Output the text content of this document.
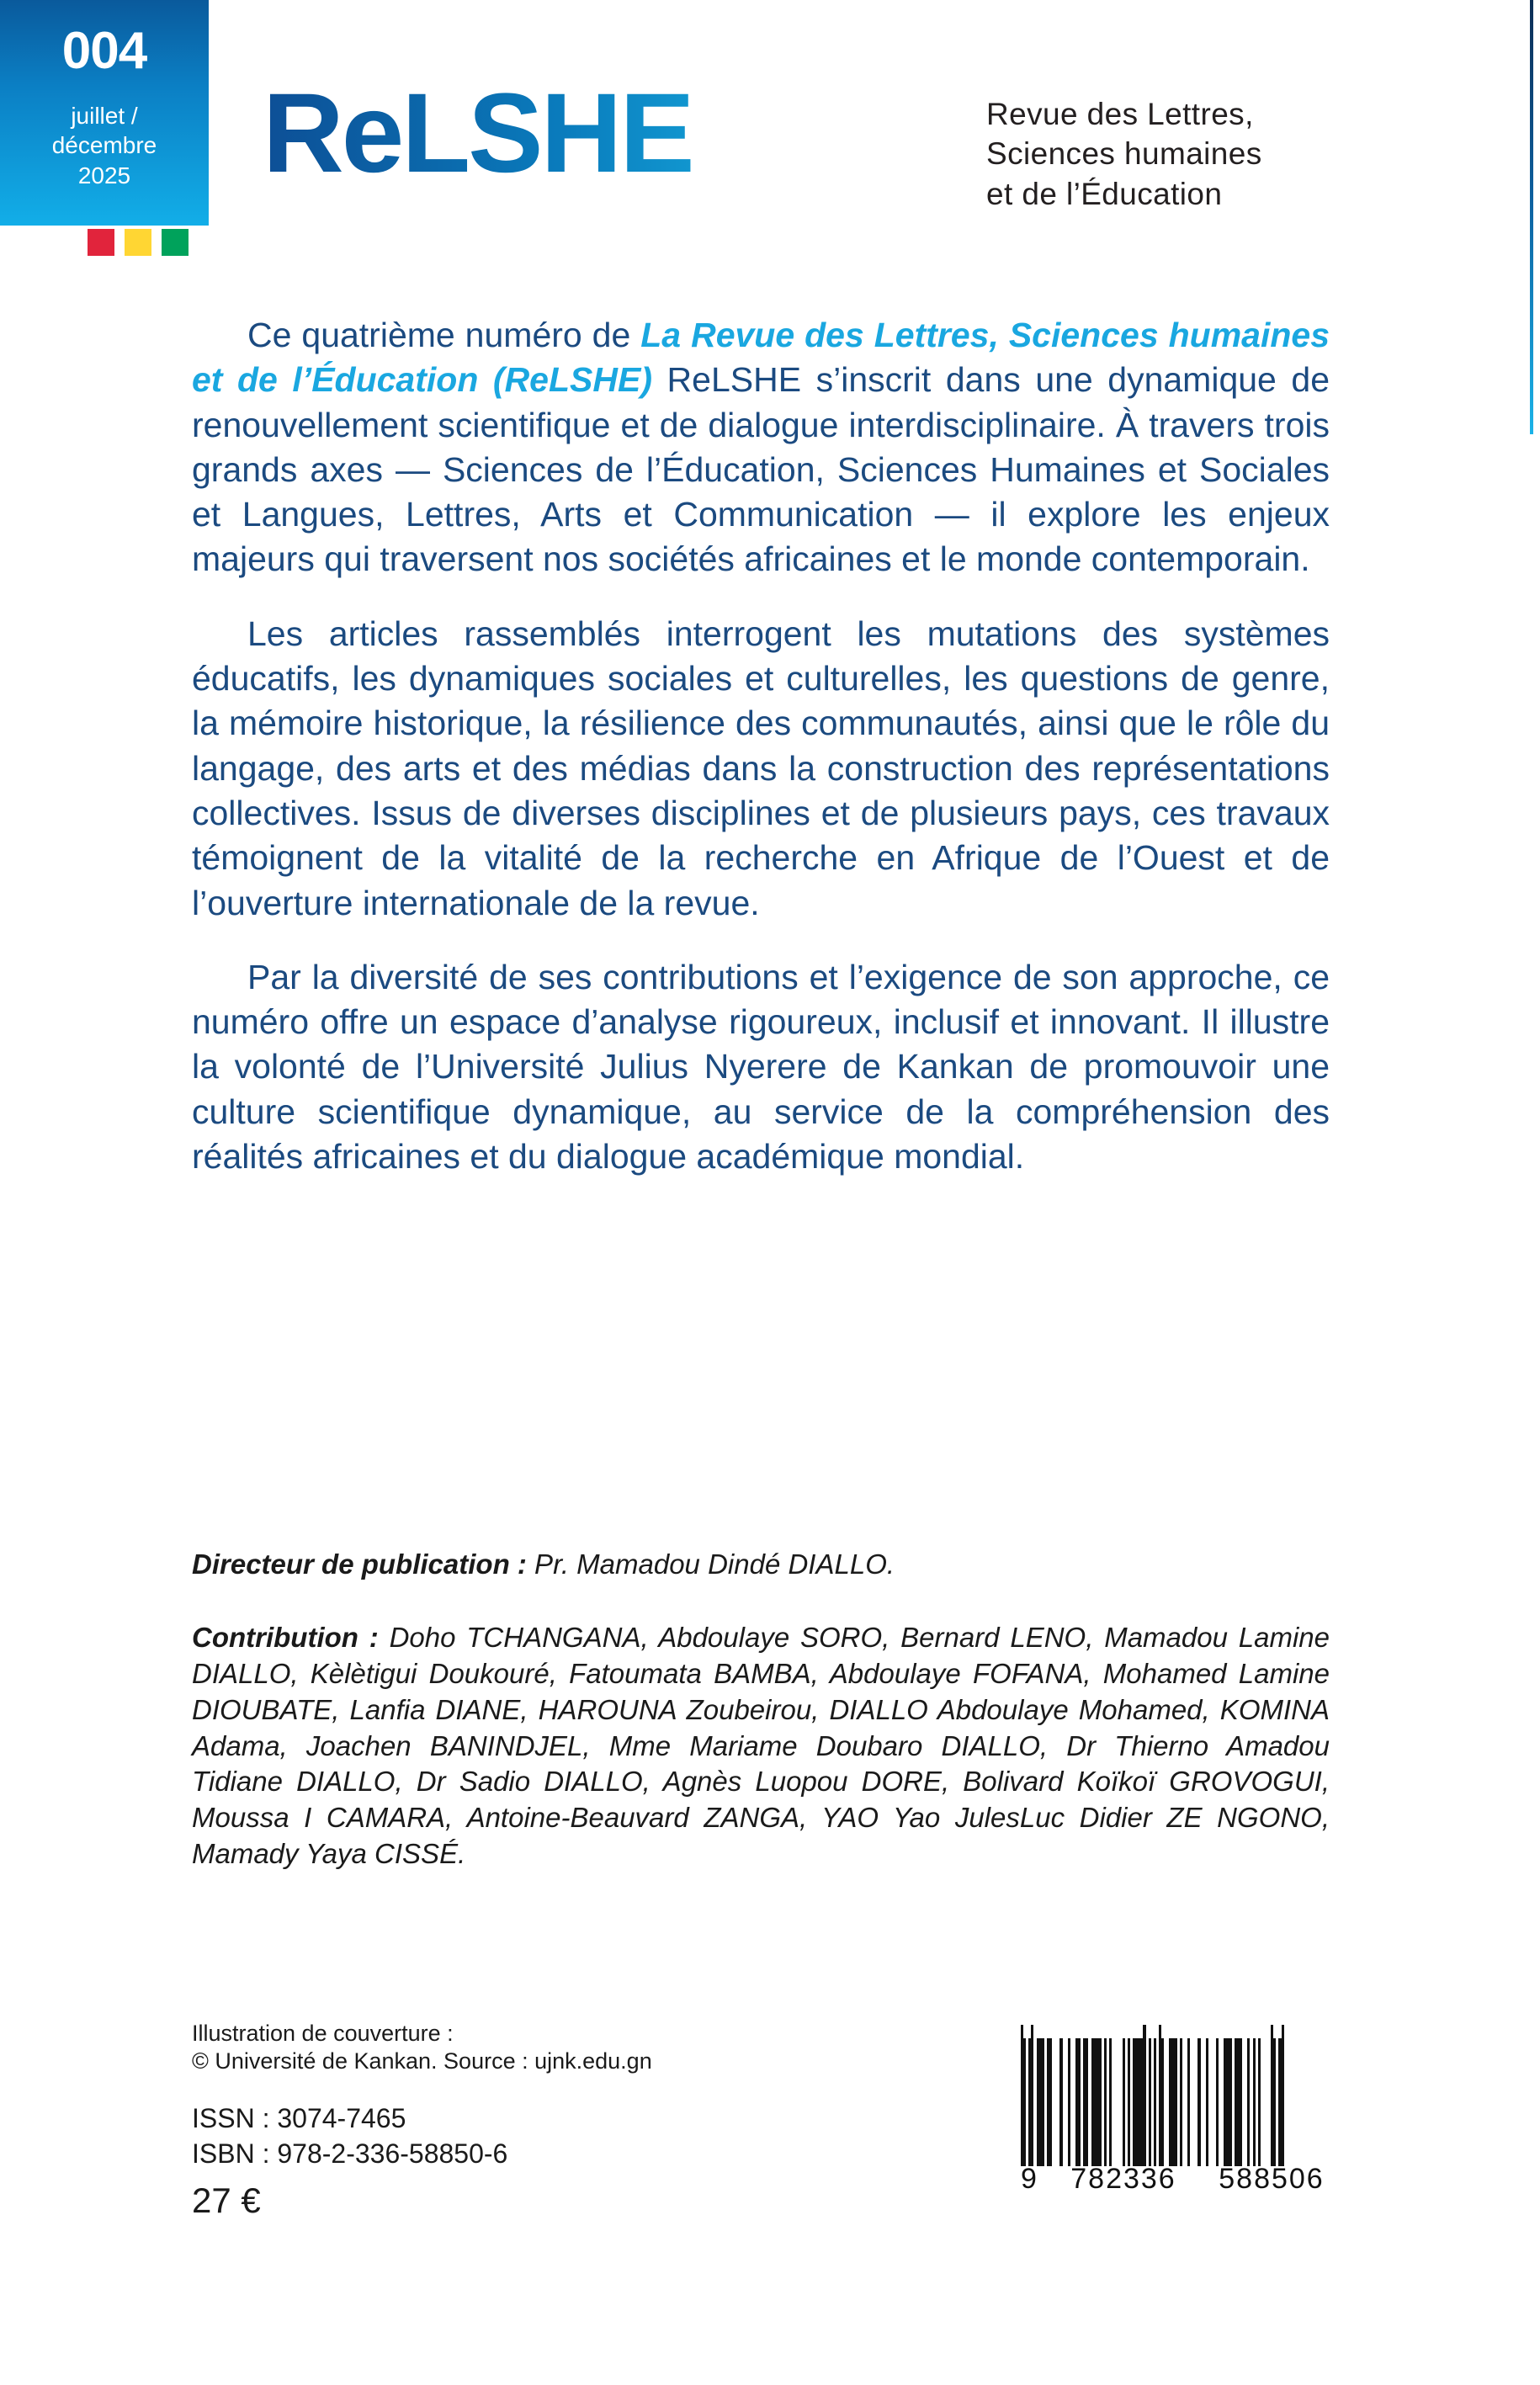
004
juillet /
décembre
2025	ReLSHE	Revue des Lettres,
Sciences humaines
et de l’Éducation

Ce quatrième numéro de La Revue des Lettres, Sciences humaines et de l’Éducation (ReLSHE) ReLSHE s’inscrit dans une dynamique de renouvellement scientifique et de dialogue interdisciplinaire. À travers trois grands axes — Sciences de l’Éducation, Sciences Humaines et Sociales et Langues, Lettres, Arts et Communication — il explore les enjeux majeurs qui traversent nos sociétés africaines et le monde contemporain.

Les articles rassemblés interrogent les mutations des systèmes éducatifs, les dynamiques sociales et culturelles, les questions de genre, la mémoire historique, la résilience des communautés, ainsi que le rôle du langage, des arts et des médias dans la construction des représentations collectives. Issus de diverses disciplines et de plusieurs pays, ces travaux témoignent de la vitalité de la recherche en Afrique de l’Ouest et de l’ouverture internationale de la revue.

Par la diversité de ses contributions et l’exigence de son approche, ce numéro offre un espace d’analyse rigoureux, inclusif et innovant. Il illustre la volonté de l’Université Julius Nyerere de Kankan de promouvoir une culture scientifique dynamique, au service de la compréhension des réalités africaines et du dialogue académique mondial.

Directeur de publication : Pr. Mamadou Dindé DIALLO.

Contribution : Doho TCHANGANA, Abdoulaye SORO, Bernard LENO, Mamadou Lamine DIALLO, Kèlètigui Doukouré, Fatoumata BAMBA, Abdoulaye FOFANA, Mohamed Lamine DIOUBATE, Lanfia DIANE, HAROUNA Zoubeirou, DIALLO Abdoulaye Mohamed, KOMINA Adama, Joachen BANINDJEL, Mme Mariame Doubaro DIALLO, Dr Thierno Amadou Tidiane DIALLO, Dr Sadio DIALLO, Agnès Luopou DORE, Bolivard Koïkoï GROVOGUI, Moussa I CAMARA, Antoine-Beauvard ZANGA, YAO Yao JulesLuc Didier ZE NGONO, Mamady Yaya CISSÉ.

Illustration de couverture :
© Université de Kankan. Source : ujnk.edu.gn
ISSN : 3074-7465
ISBN : 978-2-336-58850-6
27 €
9	782336	588506
